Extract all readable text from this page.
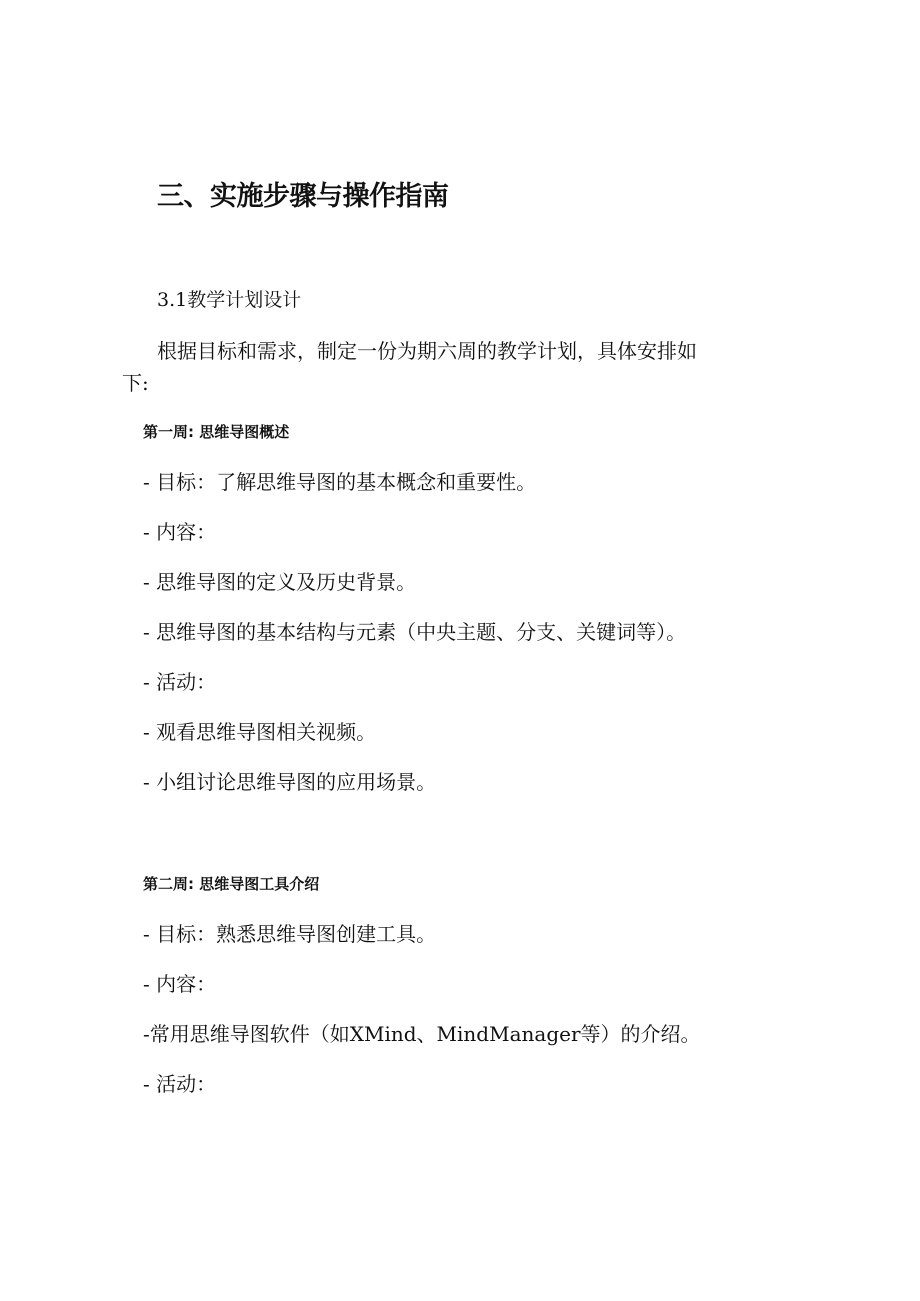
三、实施步骤与操作指南

3.1教学计划设计

根据目标和需求，制定一份为期六周的教学计划，具体安排如

下:

第一周: 思维导图概述

- 目标：了解思维导图的基本概念和重要性。

- 内容：

- 思维导图的定义及历史背景。

- 思维导图的基本结构与元素（中央主题、分支、关键词等）。

- 活动：

- 观看思维导图相关视频。

- 小组讨论思维导图的应用场景。

第二周: 思维导图工具介绍

- 目标：熟悉思维导图创建工具。

- 内容：

-常用思维导图软件（如XMind、MindManager等）的介绍。

- 活动：
